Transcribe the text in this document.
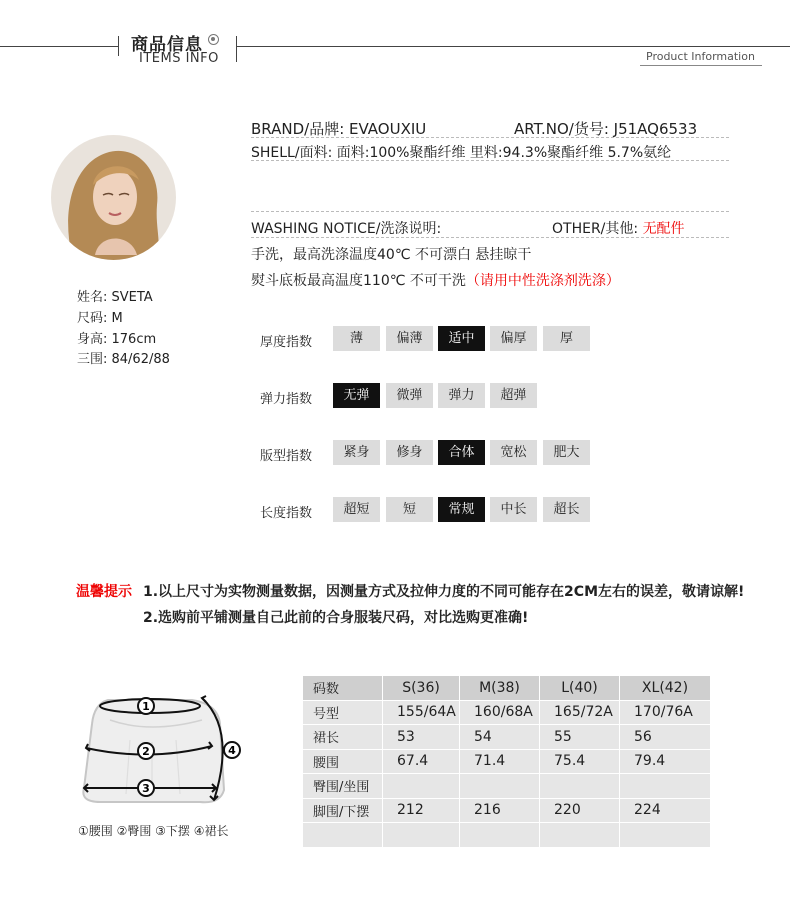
商品信息
ITEMS INFO	Product Information
姓名: SVETA
尺码: M
身高: 176cm
三围: 84/62/88
BRAND/品牌: EVAOUXIU	ART.NO/货号: J51AQ6533
SHELL/面料: 面料:100%聚酯纤维 里料:94.3%聚酯纤维 5.7%氨纶
WASHING NOTICE/洗涤说明:	OTHER/其他: 无配件
手洗，最高洗涤温度40℃ 不可漂白 悬挂晾干
熨斗底板最高温度110℃ 不可干洗（请用中性洗涤剂洗涤）
厚度指数	薄	偏薄	适中	偏厚	厚
弹力指数	无弹	微弹	弹力	超弹
版型指数	紧身	修身	合体	宽松	肥大
长度指数	超短	短	常规	中长	超长
温馨提示 1.以上尺寸为实物测量数据，因测量方式及拉伸力度的不同可能存在2CM左右的误差，敬请谅解!
2.选购前平铺测量自己此前的合身服装尺码，对比选购更准确!
1
2
3
4
①腰围 ②臀围 ③下摆 ④裙长
码数	S(36)	M(38)	L(40)	XL(42)
号型	155/64A	160/68A	165/72A	170/76A
裙长	53	54	55	56
腰围	67.4	71.4	75.4	79.4
臀围/坐围				
脚围/下摆	212	216	220	224
